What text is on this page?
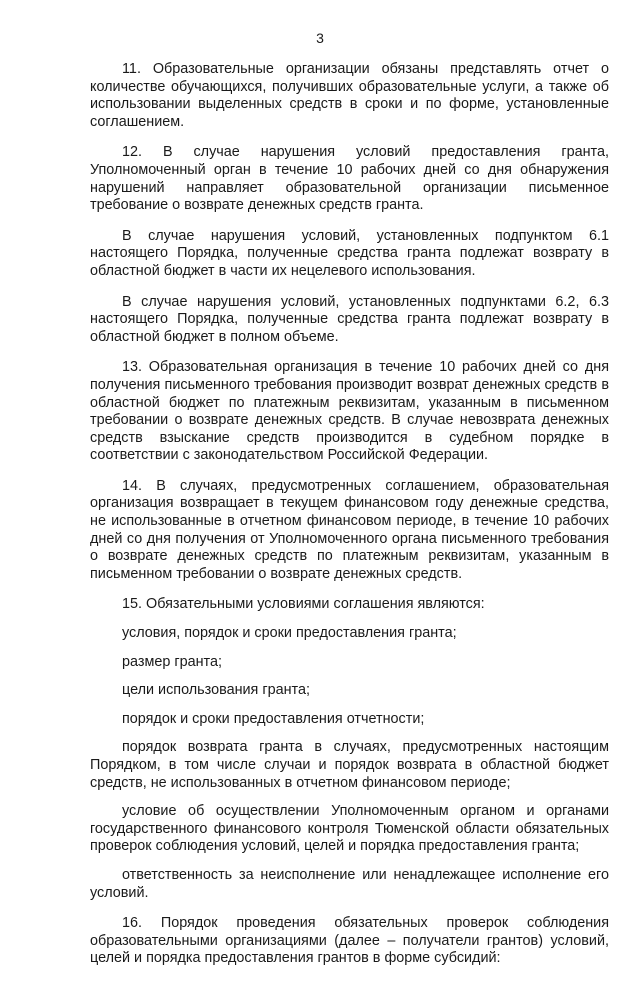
3

11. Образовательные организации обязаны представлять отчет о количестве обучающихся, получивших образовательные услуги, а также об использовании выделенных средств в сроки и по форме, установленные соглашением.

12. В случае нарушения условий предоставления гранта, Уполномоченный орган в течение 10 рабочих дней со дня обнаружения нарушений направляет образовательной организации письменное требование о возврате денежных средств гранта.

В случае нарушения условий, установленных подпунктом 6.1 настоящего Порядка, полученные средства гранта подлежат возврату в областной бюджет в части их нецелевого использования.

В случае нарушения условий, установленных подпунктами 6.2, 6.3 настоящего Порядка, полученные средства гранта подлежат возврату в областной бюджет в полном объеме.

13. Образовательная организация в течение 10 рабочих дней со дня получения письменного требования производит возврат денежных средств в областной бюджет по платежным реквизитам, указанным в письменном требовании о возврате денежных средств. В случае невозврата денежных средств взыскание средств производится в судебном порядке в соответствии с законодательством Российской Федерации.

14. В случаях, предусмотренных соглашением, образовательная организация возвращает в текущем финансовом году денежные средства, не использованные в отчетном финансовом периоде, в течение 10 рабочих дней со дня получения от Уполномоченного органа письменного требования о возврате денежных средств по платежным реквизитам, указанным в письменном требовании о возврате денежных средств.

15. Обязательными условиями соглашения являются:

условия, порядок и сроки предоставления гранта;

размер гранта;

цели использования гранта;

порядок и сроки предоставления отчетности;

порядок возврата гранта в случаях, предусмотренных настоящим Порядком, в том числе случаи и порядок возврата в областной бюджет средств, не использованных в отчетном финансовом периоде;

условие об осуществлении Уполномоченным органом и органами государственного финансового контроля Тюменской области обязательных проверок соблюдения условий, целей и порядка предоставления гранта;

ответственность за неисполнение или ненадлежащее исполнение его условий.

16. Порядок проведения обязательных проверок соблюдения образовательными организациями (далее – получатели грантов) условий, целей и порядка предоставления грантов в форме субсидий:
